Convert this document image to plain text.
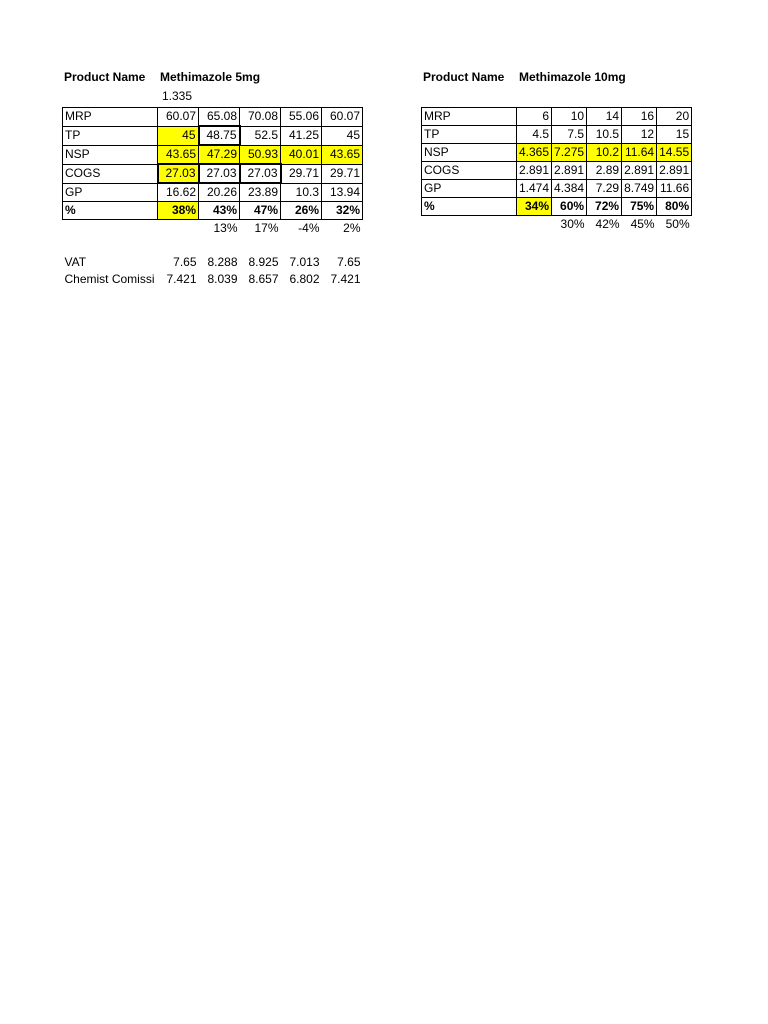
Product Name Methimazole 5mg
1.335
MRP	60.07	65.08	70.08	55.06	60.07
TP	45	48.75	52.5	41.25	45
NSP	43.65	47.29	50.93	40.01	43.65
COGS	27.03	27.03	27.03	29.71	29.71
GP	16.62	20.26	23.89	10.3	13.94
%	38%	43%	47%	26%	32%
		13%	17%	-4%	2%

VAT	7.65	8.288	8.925	7.013	7.65
Chemist Comissi	7.421	8.039	8.657	6.802	7.421
Product Name Methimazole 10mg
MRP	6	10	14	16	20
TP	4.5	7.5	10.5	12	15
NSP	4.365	7.275	10.2	11.64	14.55
COGS	2.891	2.891	2.89	2.891	2.891
GP	1.474	4.384	7.29	8.749	11.66
%	34%	60%	72%	75%	80%
		30%	42%	45%	50%
